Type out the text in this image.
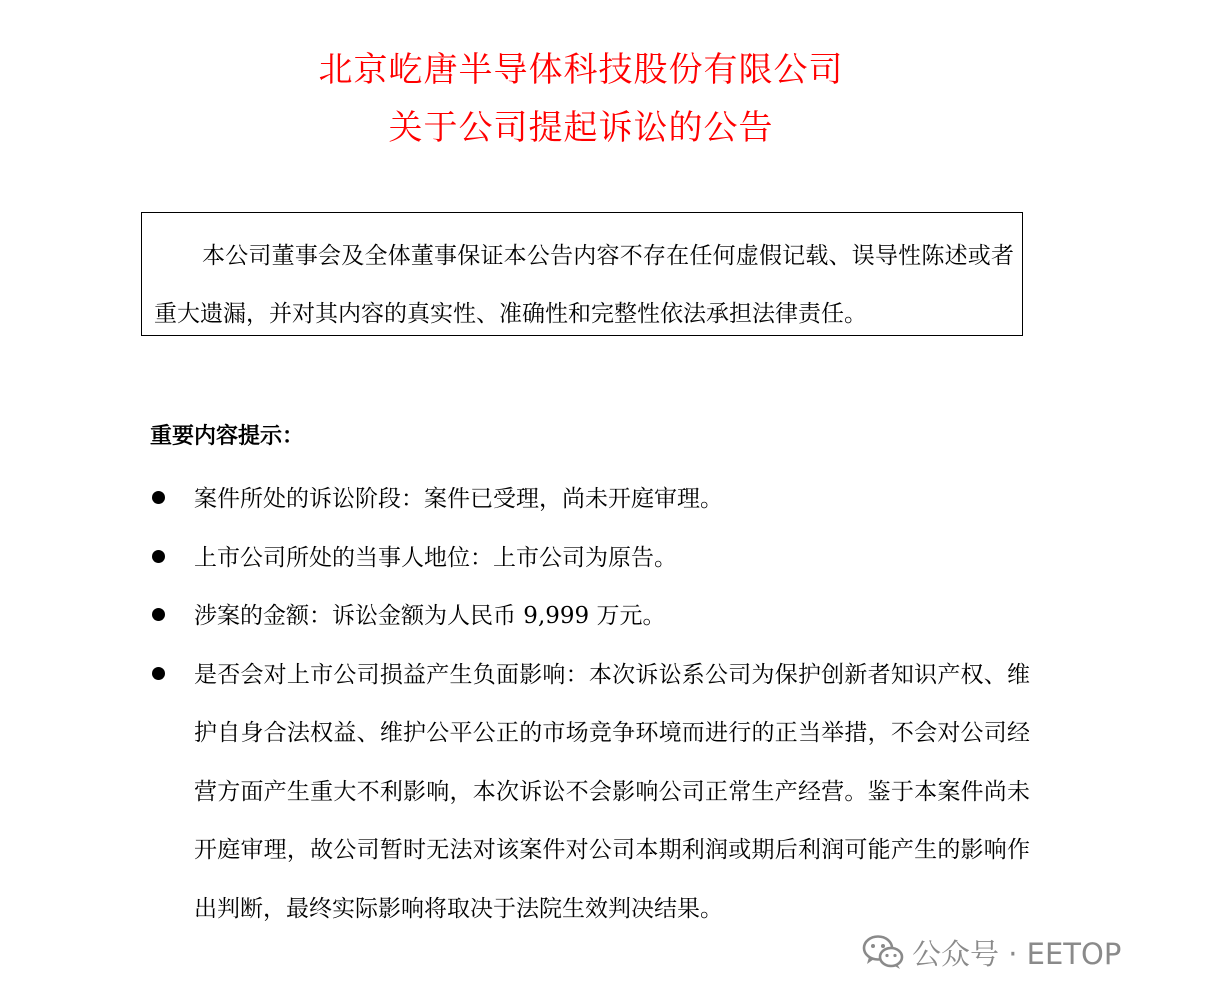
北京屹唐半导体科技股份有限公司
关于公司提起诉讼的公告

本公司董事会及全体董事保证本公告内容不存在任何虚假记载、误导性陈述或者重大遗漏，并对其内容的真实性、准确性和完整性依法承担法律责任。

重要内容提示：
案件所处的诉讼阶段：案件已受理，尚未开庭审理。
上市公司所处的当事人地位：上市公司为原告。
涉案的金额：诉讼金额为人民币 9,999 万元。
是否会对上市公司损益产生负面影响：本次诉讼系公司为保护创新者知识产权、维护自身合法权益、维护公平公正的市场竞争环境而进行的正当举措，不会对公司经营方面产生重大不利影响，本次诉讼不会影响公司正常生产经营。鉴于本案件尚未开庭审理，故公司暂时无法对该案件对公司本期利润或期后利润可能产生的影响作出判断，最终实际影响将取决于法院生效判决结果。
公众号 · EETOP
